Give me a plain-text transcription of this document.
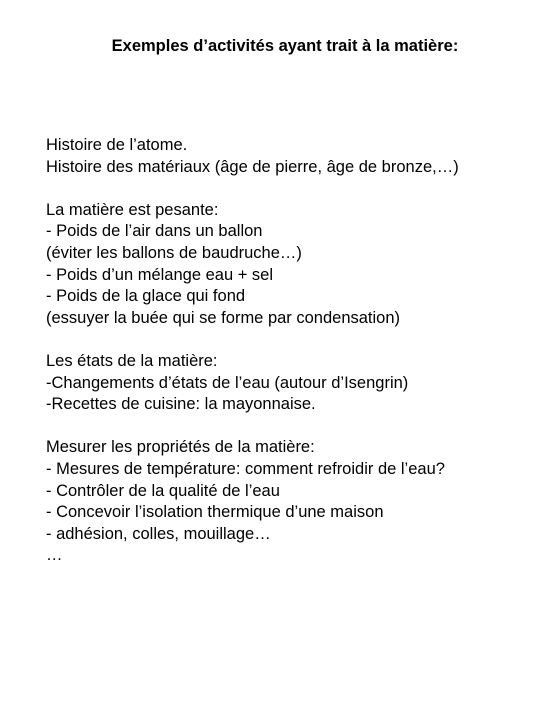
Exemples d’activités ayant trait à la matière:
Histoire de l’atome.
Histoire des matériaux (âge de pierre, âge de bronze,…)
La matière est pesante:
- Poids de l’air dans un ballon
(éviter les ballons de baudruche…)
- Poids d’un mélange eau + sel
- Poids de la glace qui fond
(essuyer la buée qui se forme par condensation)
Les états de la matière:
-Changements d’états de l’eau (autour d’Isengrin)
-Recettes de cuisine: la mayonnaise.
Mesurer les propriétés de la matière:
- Mesures de température: comment refroidir de l’eau?
- Contrôler de la qualité de l’eau
- Concevoir l’isolation thermique d’une maison
- adhésion, colles, mouillage…
…
